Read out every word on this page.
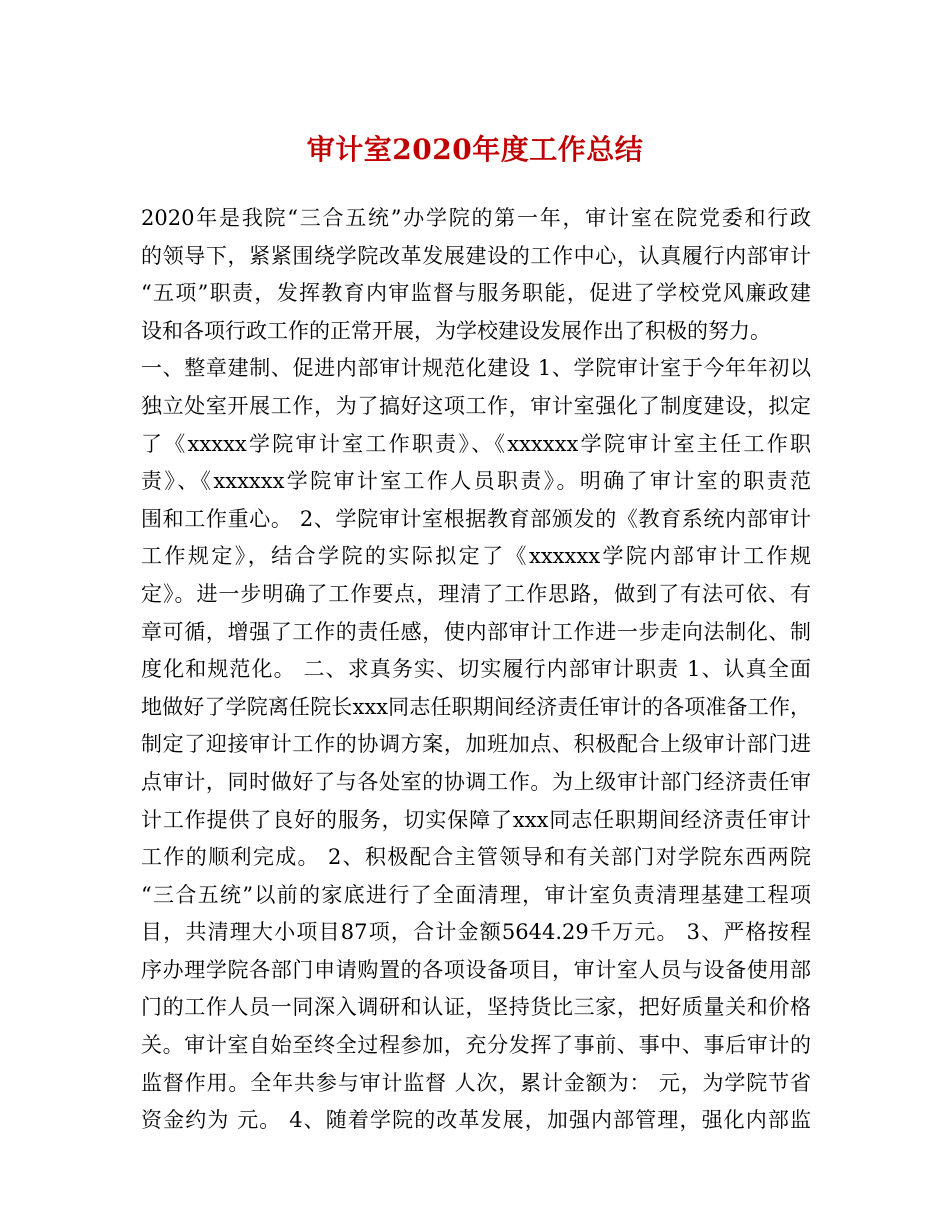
审计室2020年度工作总结
2020年是我院“三合五统”办学院的第一年，审计室在院党委和行政
的领导下，紧紧围绕学院改革发展建设的工作中心，认真履行内部审计
“五项”职责，发挥教育内审监督与服务职能，促进了学校党风廉政建
设和各项行政工作的正常开展，为学校建设发展作出了积极的努力。
一、整章建制、促进内部审计规范化建设 1、学院审计室于今年年初以
独立处室开展工作，为了搞好这项工作，审计室强化了制度建设，拟定
了《xxxxx学院审计室工作职责》、《xxxxxx学院审计室主任工作职
责》、《xxxxxx学院审计室工作人员职责》。明确了审计室的职责范
围和工作重心。 2、学院审计室根据教育部颁发的《教育系统内部审计
工作规定》，结合学院的实际拟定了《xxxxxx学院内部审计工作规
定》。进一步明确了工作要点，理清了工作思路，做到了有法可依、有
章可循，增强了工作的责任感，使内部审计工作进一步走向法制化、制
度化和规范化。 二、求真务实、切实履行内部审计职责 1、认真全面
地做好了学院离任院长xxx同志任职期间经济责任审计的各项准备工作，
制定了迎接审计工作的协调方案，加班加点、积极配合上级审计部门进
点审计，同时做好了与各处室的协调工作。为上级审计部门经济责任审
计工作提供了良好的服务，切实保障了xxx同志任职期间经济责任审计
工作的顺利完成。 2、积极配合主管领导和有关部门对学院东西两院
“三合五统”以前的家底进行了全面清理，审计室负责清理基建工程项
目，共清理大小项目87项，合计金额5644.29千万元。 3、严格按程
序办理学院各部门申请购置的各项设备项目，审计室人员与设备使用部
门的工作人员一同深入调研和认证，坚持货比三家，把好质量关和价格
关。审计室自始至终全过程参加，充分发挥了事前、事中、事后审计的
监督作用。全年共参与审计监督 人次，累计金额为： 元，为学院节省
资金约为 元。 4、随着学院的改革发展，加强内部管理，强化内部监
